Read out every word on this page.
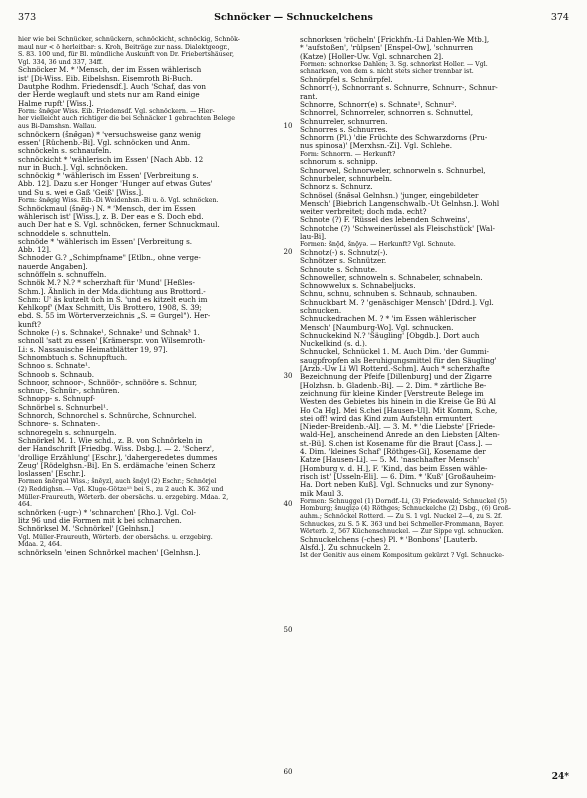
373	Schnöcker — Schnuckelchens	374

hier wie bei Schnücker, schnückern, schnöckicht, schnöckig, Schnök-

maul nur < ö herleitbar: s. Kroh, Beiträge zur nass. Dialektgeogr.,

S. 83. 100 und, für Bl. mündliche Auskunft von Dr. Friebertshäuser,

Vgl. 334, 36 und 337, 34ff.

Schnöcker M. * 'Mensch, der im Essen wählerisch

ist' [Di-Wiss. Eib. Eibelshsn. Eisemroth Bi-Buch.

Dautphe Rodhm. Friedensdf.]. Auch 'Schaf, das von

der Herde weglauft und stets nur am Rand einige

Halme rupft' [Wiss.].

Form: šnø̄gər Wiss. Eib. Friedensdf. Vgl. schnöckern. — Hier-

her vielleicht auch richtiger die bei Schnäcker 1 gebrachten Belege

aus Bi-Damshsn. Wallau.

schnöckern (šnø̄gən) * 'versuchsweise ganz wenig

essen' [Rüchenb.-Bi]. Vgl. schnöcken und Anm.

schnöckeln s. schnaufeln.

schnöckicht * 'wählerisch im Essen' [Nach Abb. 12

nur in Buch.]. Vgl. schnöcken.

schnöckig * 'wählerisch im Essen' [Verbreitung s.

Abb. 12]. Dazu s.er Honger 'Hunger auf etwas Gutes'

und Su s. wei e Gaß 'Geiß' [Wiss.].

Form: šnø̄gig Wiss. Eib.-Di Weidenhsn.-Bi u. ö. Vgl. schnöcken.

Schnöckmaul (šnø̄g-) N. * 'Mensch, der im Essen

wählerisch ist' [Wiss.], z. B. Der eas e S. Doch ebd.

auch Der hat e S. Vgl. schnöcken, ferner Schnuckmaul.

schnoddele s. schnutteln.

schnöde * 'wählerisch im Essen' [Verbreitung s.

Abb. 12].

Schnoder G.? „Schimpfname" [Etlbn., ohne verge-

nauerde Angaben].

schnöffeln s. schnuffeln.

Schnök M.? N.? * scherzhaft für 'Mund' [Heßles-

Schm.]. Ähnlich in der Mda.dichtung aus Brottord.-

Schm: U' äs kutzelt üch in S. 'und es kitzelt euch im

Kehlkopf' (Max Schmitt, Uis Brottero, 1908, S. 39;

ebd. S. 55 im Wörterverzeichnis „S. = Gurgel"). Her-

kunft?

Schnoke (-) s. Schnake¹, Schnake² und Schnak³ 1.

schnoll 'satt zu essen' [Krämerspr. von Wilsemroth-

Li: s. Nassauische Heimatblätter 19, 97].

Schnombtuch s. Schnupftuch.

Schnoo s. Schnate¹.

Schnoob s. Schnaub.

Schnoor, schnoor-, Schnöör-, schnööre s. Schnur,

schnur-, Schnür-, schnüren.

Schnopp- s. Schnupf-

Schnörbel s. Schnurbel¹.

Schnorch, Schnorchel s. Schnürche, Schnurchel.

Schnore- s. Schnaten-.

schnoregeln s. schnurgeln.

Schnörkel M. 1. Wie schd., z. B. von Schnörkeln in

der Handschrift [Friedbg. Wiss. Dsbg.]. — 2. 'Scherz',

'drollige Erzählung' [Eschr.], 'dahergeredetes dummes

Zeug' [Rödelghsn.-Bi]. En S. erdämache 'einen Scherz

loslassen' [Eschr.].

Formen šnērgəl Wiss.; šnēyzl, auch šnę̄yl (2) Eschr.; Schnörjel

(2) Reddighsn.— Vgl. Kluge-Götze¹⁵ bei S., zu 2 auch K. 362 und

Müller-Fraureuth, Wörterb. der obersächs. u. erzgebirg. Mdaa. 2,

464.

schnörken (-ugr-) * 'schnarchen' [Rho.]. Vgl. Col-

litz 96 und die Formen mit k bei schnarchen.

Schnörksel M. 'Schnörkel' [Gelnhsn.]

Vgl. Müller-Fraureuth, Wörterb. der obersächs. u. erzgebirg.

Mdaa. 2, 464.

schnörkseln 'einen Schnörkel machen' [Gelnhsn.].

10
20
30
40
50
60

schnorksen 'röcheln' [Frickhfn.-Li Dahlen-We Mtb.],

* 'aufstoßen', 'rülpsen' [Enspel-Ow], 'schnurren

(Katze) [Holler-Uw. Vgl. schnarchen 2].

Formen: schnorkse Dahlen; 3. Sg. schnorkst Holler. — Vgl.

schnarksen, von dem s. nicht stets sicher trennbar ist.

Schnörpfel s. Schnürpfel.

Schnorr(-), Schnorrant s. Schnurre, Schnurr-, Schnur-

rant.

Schnorre, Schnorr(e) s. Schnate¹, Schnur².

Schnorrel, Schnorreler, schnorren s. Schnuttel,

Schnurreler, schnurren.

Schnorres s. Schnurres.

Schnorrn (Pl.) 'die Früchte des Schwarzdorns (Pru-

nus spinosa)' [Merxhsn.-Zi]. Vgl. Schlehe.

Form: Schnorrn. — Herkunft?

schnorum s. schnipp.

Schnorwel, Schnorweler, schnorweln s. Schnurbel,

Schnurbeler, schnurbeln.

Schnorz s. Schnurz.

Schnösel (šnø̄səl Gelnhsn.) 'junger, eingebildeter

Mensch' [Biebrich Langenschwalb.-Ut Gelnhsn.]. Wohl

weiter verbreitet; doch mda. echt?

Schnote (?) F. 'Rüssel des lebenden Schweins',

Schnotche (?) 'Schweinerüssel als Fleischstück' [Wal-

lau-Bi].

Formen: šnǭd, šnǭyə. — Herkunft? Vgl. Schnute.

Schnotz(-) s. Schnutz(-).

Schnötzer s. Schnützer.

Schnoute s. Schnute.

Schnoweller, schnoweln s. Schnabeler, schnabeln.

Schnowwelux s. Schnabeljucks.

Schnu, schnu, schnuben s. Schnaub, schnauben.

Schnuckbart M. ? 'genäschiger Mensch' [Ddrd.]. Vgl.

schnucken.

Schnuckedrachen M. ? * 'im Essen wählerischer

Mensch' [Naumburg-Wo]. Vgl. schnucken.

Schnuckekind N.? 'Säugling' [Obgdb.]. Dort auch

Nuckelkind (s. d.).

Schnuckel, Schnückel 1. M. Auch Dim. 'der Gummi-

saugpfropfen als Beruhigungsmittel für den Säugling'

[Arzb.-Uw Li Wl Rotterd.-Schm]. Auch * scherzhafte

Bezeichnung der Pfeife [Dillenburg] und der Zigarre

[Holzhsn. b. Gladenb.-Bi]. — 2. Dim. * zärtliche Be-

zeichnung für kleine Kinder [Verstreute Belege im

Westen des Gebietes bis hinein in die Kreise Ge Bü Al

Ho Ca Hg]. Mei S.chei [Hausen-Ul]. Mit Komm, S.che,

stei off! wird das Kind zum Aufstehn ermuntert

[Nieder-Breidenb.-Al]. — 3. M. * 'die Liebste' [Friede-

wald-He], anscheinend Anrede an den Liebsten [Alten-

st.-Bü]. S.chen ist Kosename für die Braut [Cass.]. —

4. Dim. 'kleines Schaf' [Röthges-Gi], Kosename der

Katze [Hausen-Li]. — 5. M. 'naschhafter Mensch'

[Homburg v. d. H.], F. 'Kind, das beim Essen wähle-

risch ist' [Usseln-Eli]. — 6. Dim. * 'Kuß' [Großauheim-

Ha. Dort neben Kuß]. Vgl. Schnucks und zur Synony-

mik Maul 3.

Formen: Schnuggel (1) Dorndf.-Li, (3) Friedewald; Schnuckel (5)

Homburg; šnugiẓə (4) Röthges; Schnuckelche (2) Dsbg., (6) Groß-

auhm.; Schnöckel Rotterd. — Zu S. 1 vgl. Nuckel 2—4, zu S. 2f.

Schnuckes, zu S. 5 K. 363 und bei Schmeller-Frommann, Bayer.

Wörterb. 2, 567 Küchenschnuckel. — Zur Sippe vgl. schnucken.

Schnuckelchens (-ches) Pl. * 'Bonbons' [Lauterb.

Alsfd.]. Zu schnuckeln 2.

Ist der Genitiv aus einem Kompositum gekürzt ? Vgl. Schnucke-

24*
